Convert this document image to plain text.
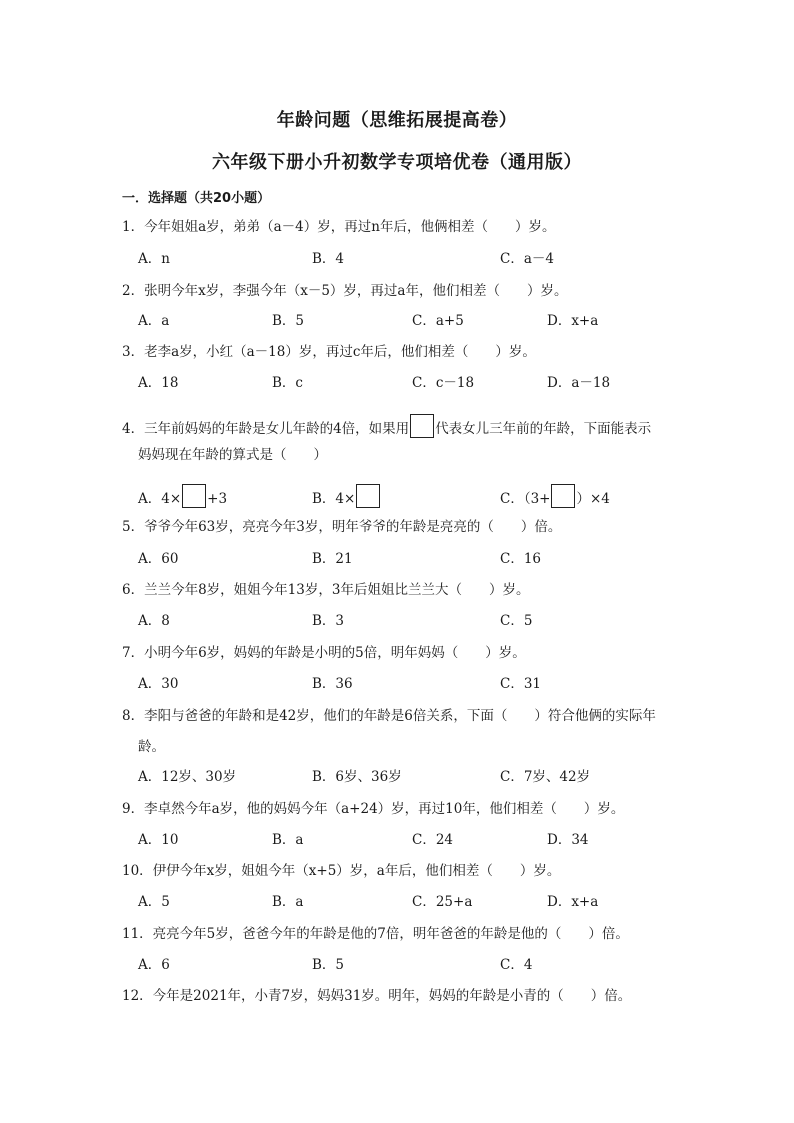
年龄问题（思维拓展提高卷）
六年级下册小升初数学专项培优卷（通用版）
一．选择题（共20小题）
1．今年姐姐a岁，弟弟（a－4）岁，再过n年后，他俩相差（　　）岁。
A．n	B．4	C．a－4
2．张明今年x岁，李强今年（x－5）岁，再过a年，他们相差（　　）岁。
A．a	B．5	C．a+5	D．x+a
3．老李a岁，小红（a－18）岁，再过c年后，他们相差（　　）岁。
A．18	B．c	C．c－18	D．a－18
4．三年前妈妈的年龄是女儿年龄的4倍，如果用 代表女儿三年前的年龄，下面能表示
妈妈现在年龄的算式是（　　）
A．4× +3	B．4×	C．（3+ ）×4
5．爷爷今年63岁，亮亮今年3岁，明年爷爷的年龄是亮亮的（　　）倍。
A．60	B．21	C．16
6．兰兰今年8岁，姐姐今年13岁，3年后姐姐比兰兰大（　　）岁。
A．8	B．3	C．5
7．小明今年6岁，妈妈的年龄是小明的5倍，明年妈妈（　　）岁。
A．30	B．36	C．31
8．李阳与爸爸的年龄和是42岁，他们的年龄是6倍关系，下面（　　）符合他俩的实际年
龄。
A．12岁、30岁	B．6岁、36岁	C．7岁、42岁
9．李卓然今年a岁，他的妈妈今年（a+24）岁，再过10年，他们相差（　　）岁。
A．10	B．a	C．24	D．34
10．伊伊今年x岁，姐姐今年（x+5）岁，a年后，他们相差（　　）岁。
A．5	B．a	C．25+a	D．x+a
11．亮亮今年5岁，爸爸今年的年龄是他的7倍，明年爸爸的年龄是他的（　　）倍。
A．6	B．5	C．4
12．今年是2021年，小青7岁，妈妈31岁。明年，妈妈的年龄是小青的（　　）倍。
